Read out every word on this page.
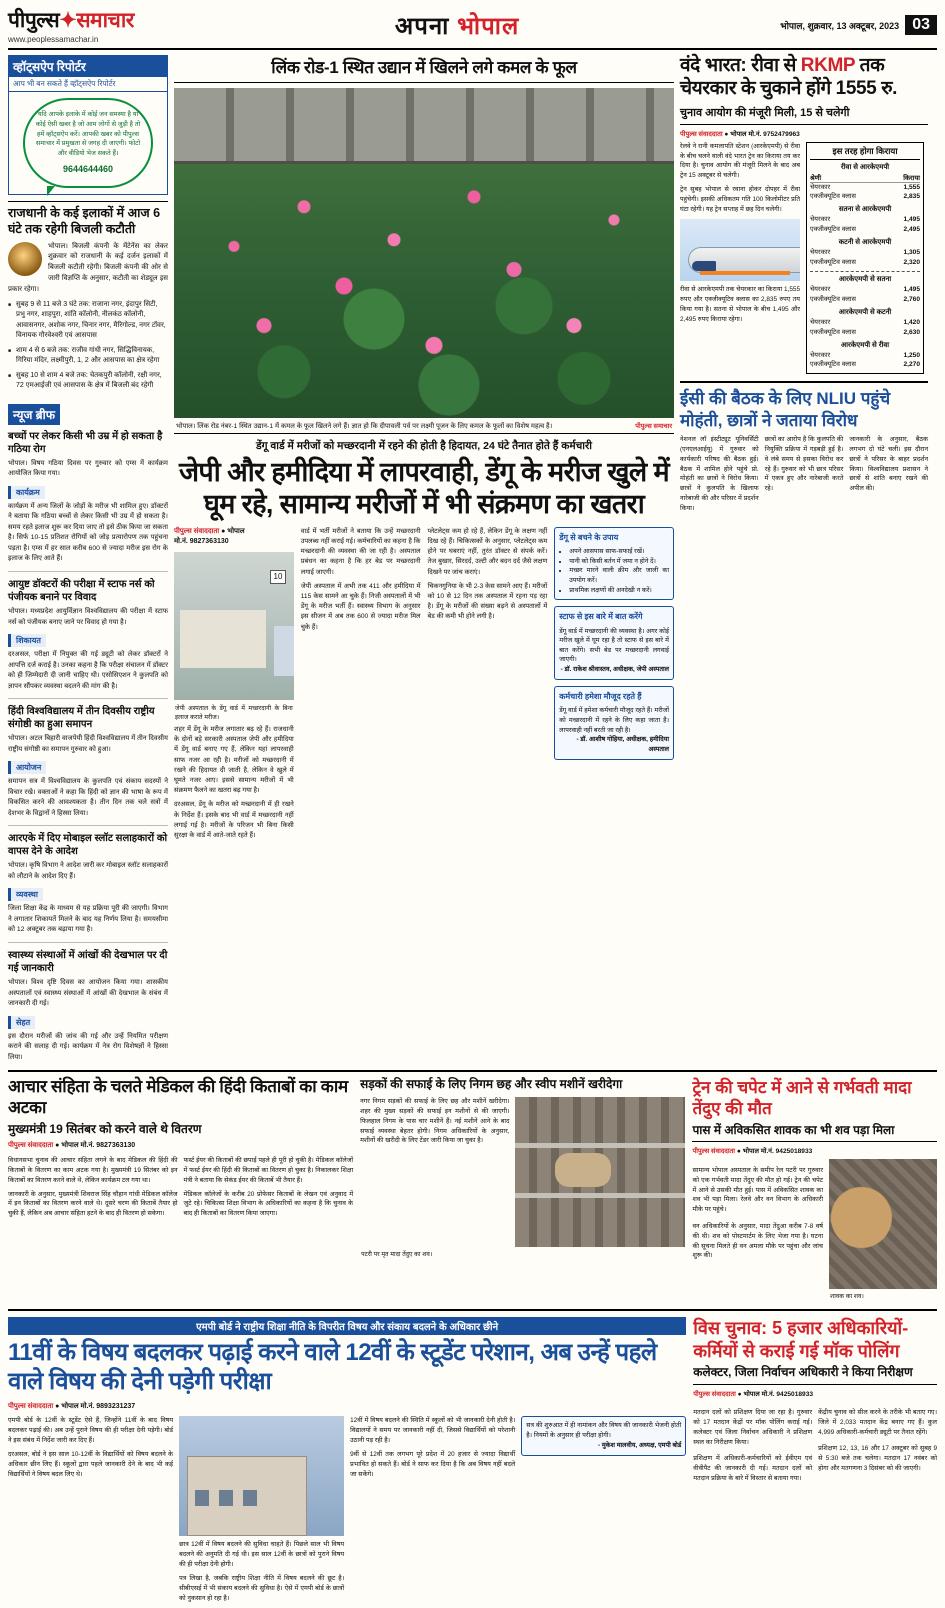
पीपुल्स✦समाचार
www.peoplessamachar.in	अपना भोपाल	भोपाल, शुक्रवार, 13 अक्टूबर, 2023 03
व्हॉट्सऐप रिपोर्टर
आप भी बन सकते हैं व्हॉट्सऐप रिपोर्टर
यदि आपके इलाके में कोई जन समस्या है या कोई ऐसी खबर है जो आम लोगों से जुड़ी है तो हमें व्हॉट्सऐप करें। आपकी खबर को पीपुल्स समाचार में प्रमुखता से जगह दी जाएगी। फोटो और वीडियो भेज सकते हैं।
9644644460
राजधानी के कई इलाकों में आज 6 घंटे तक रहेगी बिजली कटौती

भोपाल। बिजली कंपनी के मेंटेनेंस का लेकर शुक्रवार को राजधानी के कई दर्जन इलाकों में बिजली कटौती रहेगी। बिजली कंपनी की ओर से जारी विज्ञप्ति के अनुसार, कटौती का शेड्यूल इस प्रकार रहेगा।

■ सुबह 9 से 11 बजे 3 घंटे तक: राजाना नगर, इंदापुर सिटी, प्रभु नगर, शाहपुरा, शांति कॉलोनी, नीलकंठ कॉलोनी, आवासनगर, अशोक नगर, चिनार नगर, मैरिगोल्ड, नगर टॉवर, विनायक गौरवेश्वरी एवं आसपास
■ शाम 4 से 6 बजे तक: राजीव गांधी नगर, सिद्धिविनायक, गिरिया मंदिर, लक्ष्मीपुरी, 1, 2 और आसपास का क्षेत्र रहेगा
■ सुबह 10 से शाम 4 बजे तक: चेतकपुरी कॉलोनी, रक्षी नगर, 72 एमआईजी एवं आसपास के क्षेत्र में बिजली बंद रहेगी
न्यूज ब्रीफ
बच्चों पर लेकर किसी भी उम्र में हो सकता है गठिया रोग
भोपाल। विषय गठिया दिवस पर गुरुवार को एम्स में कार्यक्रम आयोजित किया गया।
कार्यक्रम
कार्यक्रम में अन्य जिलों के जोड़ों के मरीज भी शामिल हुए। डॉक्टरों ने बताया कि गठिया बच्चों से लेकर किसी भी उम्र में हो सकता है। समय रहते इलाज शुरू कर दिया जाए तो इसे ठीक किया जा सकता है। सिर्फ 10-15 प्रतिशत रोगियों को जोड़ प्रत्यारोपण तक पहुंचना पड़ता है। एम्स में हर साल करीब 600 से ज्यादा मरीज इस रोग के इलाज के लिए आते हैं।
आयुष्ट डॉक्टरों की परीक्षा में स्टाफ नर्स को पंजीयक बनाने पर विवाद
भोपाल। मध्यप्रदेश आयुर्विज्ञान विश्वविद्यालय की परीक्षा में स्टाफ नर्स को पंजीयक बनाए जाने पर विवाद हो गया है।
शिकायत
दरअसल, परीक्षा में नियुक्त की गई ड्यूटी को लेकर डॉक्टरों ने आपत्ति दर्ज कराई है। उनका कहना है कि परीक्षा संचालन में डॉक्टर को ही जिम्मेदारी दी जानी चाहिए थी। एसोसिएशन ने कुलपति को ज्ञापन सौंपकर व्यवस्था बदलने की मांग की है।
हिंदी विश्वविद्यालय में तीन दिवसीय राष्ट्रीय संगोष्ठी का हुआ समापन
भोपाल। अटल बिहारी वाजपेयी हिंदी विश्वविद्यालय में तीन दिवसीय राष्ट्रीय संगोष्ठी का समापन गुरुवार को हुआ।
आयोजन
समापन सत्र में विश्वविद्यालय के कुलपति एवं संकाय सदस्यों ने विचार रखे। वक्ताओं ने कहा कि हिंदी को ज्ञान की भाषा के रूप में विकसित करने की आवश्यकता है। तीन दिन तक चले सत्रों में देशभर के विद्वानों ने हिस्सा लिया।
आरएके में दिए मोबाइल स्लॉट सलाहकारों को वापस देने के आदेश
भोपाल। कृषि विभाग ने आदेश जारी कर मोबाइल स्लॉट सलाहकारों को लौटाने के आदेश दिए हैं।
व्यवस्था
जिला शिक्षा केंद्र के माध्यम से यह प्रक्रिया पूरी की जाएगी। विभाग ने लगातार शिकायतें मिलने के बाद यह निर्णय लिया है। समयसीमा को 12 अक्टूबर तक बढ़ाया गया है।
स्वास्थ्य संस्थाओं में आंखों की देखभाल पर दी गई जानकारी
भोपाल। विश्व दृष्टि दिवस का आयोजन किया गया। शासकीय अस्पतालों एवं स्वास्थ्य संस्थाओं में आंखों की देखभाल के संबंध में जानकारी दी गई।
सेहत
इस दौरान मरीजों की जांच की गई और उन्हें नियमित परीक्षण कराने की सलाह दी गई। कार्यक्रम में नेत्र रोग विशेषज्ञों ने हिस्सा लिया।
लिंक रोड-1 स्थित उद्यान में खिलने लगे कमल के फूल
भोपाल। लिंक रोड नंबर-1 स्थित उद्यान-1 में कमल के फूल खिलने लगे हैं। ज्ञात हो कि दीपावली पर्व पर लक्ष्मी पूजन के लिए कमल के फूलों का विशेष महत्व है।	पीपुल्स समाचार
डेंगू वार्ड में मरीजों को मच्छरदानी में रहने की होती है हिदायत, 24 घंटे तैनात होते हैं कर्मचारी
जेपी और हमीदिया में लापरवाही, डेंगू के मरीज खुले में घूम रहे, सामान्य मरीजों में भी संक्रमण का खतरा
पीपुल्स संवाददाता ● भोपाल
मो.नं. 9827363130
10
जेपी अस्पताल के डेंगू वार्ड में मच्छरदानी के बिना इलाज कराते मरीज।

शहर में डेंगू के मरीज लगातार बढ़ रहे हैं। राजधानी के दोनों बड़े सरकारी अस्पताल जेपी और हमीदिया में डेंगू वार्ड बनाए गए हैं, लेकिन यहां लापरवाही साफ नजर आ रही है। मरीजों को मच्छरदानी में रखने की हिदायत दी जाती है, लेकिन वे खुले में घूमते नजर आए। इससे सामान्य मरीजों में भी संक्रमण फैलने का खतरा बढ़ गया है।

दरअसल, डेंगू के मरीज को मच्छरदानी में ही रखने के निर्देश हैं। इसके बाद भी वार्ड में मच्छरदानी नहीं लगाई गई है। मरीजों के परिजन भी बिना किसी सुरक्षा के वार्ड में आते-जाते रहते हैं।

वार्ड में भर्ती मरीजों ने बताया कि उन्हें मच्छरदानी उपलब्ध नहीं कराई गई। कर्मचारियों का कहना है कि मच्छरदानी की व्यवस्था की जा रही है। अस्पताल प्रबंधन का कहना है कि हर बेड पर मच्छरदानी लगाई जाएगी।

जेपी अस्पताल में अभी तक 411 और हमीदिया में 115 केस सामने आ चुके हैं। निजी अस्पतालों में भी डेंगू के मरीज भर्ती हैं। स्वास्थ्य विभाग के अनुसार इस सीजन में अब तक 600 से ज्यादा मरीज मिल चुके हैं।

प्लेटलेट्स कम हो रहे हैं, लेकिन डेंगू के लक्षण नहीं दिख रहे हैं। चिकित्सकों के अनुसार, प्लेटलेट्स कम होने पर घबराएं नहीं, तुरंत डॉक्टर से संपर्क करें। तेज बुखार, सिरदर्द, उल्टी और बदन दर्द जैसे लक्षण दिखने पर जांच कराएं।

चिकनगुनिया के भी 2-3 केस सामने आए हैं। मरीजों को 10 से 12 दिन तक अस्पताल में रहना पड़ रहा है। डेंगू के मरीजों की संख्या बढ़ने से अस्पतालों में बेड की कमी भी होने लगी है।

डेंगू से बचने के उपाय
• अपने आसपास साफ-सफाई रखें।
• पानी को किसी बर्तन में जमा न होने दें।
• मच्छर मारने वाली क्रीम और जाली का उपयोग करें।
• प्राथमिक लक्षणों की अनदेखी न करें।
स्टाफ से इस बारे में बात करेंगे
डेंगू वार्ड में मच्छरदानी की व्यवस्था है। अगर कोई मरीज खुले में घूम रहा है तो स्टाफ से इस बारे में बात करेंगे। सभी बेड पर मच्छरदानी लगवाई जाएगी।
- डॉ. राकेश श्रीवास्तव, अधीक्षक, जेपी अस्पताल
कर्मचारी हमेशा मौजूद रहते हैं
डेंगू वार्ड में हमेशा कर्मचारी मौजूद रहते हैं। मरीजों को मच्छरदानी में रहने के लिए कहा जाता है। लापरवाही नहीं बरती जा रही है।
- डॉ. आशीष गोहिया, अधीक्षक, हमीदिया अस्पताल
वंदे भारत: रीवा से RKMP तक चेयरकार के चुकाने होंगे 1555 रु.
चुनाव आयोग की मंजूरी मिली, 15 से चलेगी
पीपुल्स संवाददाता ● भोपाल मो.नं. 9752479963
रेलवे ने रानी कमलापति स्टेशन (आरकेएमपी) से रीवा के बीच चलने वाली वंदे भारत ट्रेन का किराया तय कर दिया है। चुनाव आयोग की मंजूरी मिलने के बाद अब ट्रेन 15 अक्टूबर से चलेगी।
ट्रेन सुबह भोपाल से रवाना होकर दोपहर में रीवा पहुंचेगी। इसकी अधिकतम गति 100 किलोमीटर प्रति घंटा रहेगी। यह ट्रेन सप्ताह में छह दिन चलेगी।
रीवा से आरकेएमपी तक चेयरकार का किराया 1,555 रुपए और एक्जीक्यूटिव क्लास का 2,835 रुपए तय किया गया है। सतना से भोपाल के बीच 1,495 और 2,495 रुपए किराया रहेगा।
इस तरह होगा किराया
रीवा से आरकेएमपी
श्रेणी	किराया
चेयरकार	1,555
एक्जीक्यूटिव क्लास	2,835
सतना से आरकेएमपी
चेयरकार	1,495
एक्जीक्यूटिव क्लास	2,495
कटनी से आरकेएमपी
चेयरकार	1,305
एक्जीक्यूटिव क्लास	2,320
आरकेएमपी से सतना
चेयरकार	1,495
एक्जीक्यूटिव क्लास	2,760
आरकेएमपी से कटनी
चेयरकार	1,420
एक्जीक्यूटिव क्लास	2,630
आरकेएमपी से रीवा
चेयरकार	1,250
एक्जीक्यूटिव क्लास	2,270
ईसी की बैठक के लिए NLIU पहुंचे मोहंती, छात्रों ने जताया विरोध
नेशनल लॉ इंस्टीट्यूट यूनिवर्सिटी (एनएलआईयू) में गुरुवार को कार्यकारी परिषद की बैठक हुई। बैठक में शामिल होने पहुंचे प्रो. मोहंती का छात्रों ने विरोध किया। छात्रों ने कुलपति के खिलाफ नारेबाजी की और परिसर में प्रदर्शन किया।
छात्रों का आरोप है कि कुलपति की नियुक्ति प्रक्रिया में गड़बड़ी हुई है। वे लंबे समय से इसका विरोध कर रहे हैं। गुरुवार को भी छात्र परिसर में एकत्र हुए और नारेबाजी करते रहे।
जानकारी के अनुसार, बैठक लगभग दो घंटे चली। इस दौरान छात्रों ने परिसर के बाहर प्रदर्शन किया। विश्वविद्यालय प्रशासन ने छात्रों से शांति बनाए रखने की अपील की।
आचार संहिता के चलते मेडिकल की हिंदी किताबों का काम अटका
मुख्यमंत्री 19 सितंबर को करने वाले थे वितरण
पीपुल्स संवाददाता ● भोपाल मो.नं. 9827363130

विधानसभा चुनाव की आचार संहिता लगने के बाद मेडिकल की हिंदी की किताबों के वितरण का काम अटक गया है। मुख्यमंत्री 19 सितंबर को इन किताबों का वितरण करने वाले थे, लेकिन कार्यक्रम टल गया था।

जानकारी के अनुसार, मुख्यमंत्री शिवराज सिंह चौहान गांधी मेडिकल कॉलेज में इन किताबों का वितरण करने वाले थे। दूसरे चरण की किताबें तैयार हो चुकी हैं, लेकिन अब आचार संहिता हटने के बाद ही वितरण हो सकेगा।

फर्स्ट ईयर की किताबों की छपाई पहले ही पूरी हो चुकी है। मेडिकल कॉलेजों में फर्स्ट ईयर की हिंदी की किताबों का वितरण हो चुका है। निकालकर शिक्षा मंत्री ने बताया कि सेकंड ईयर की किताबें भी तैयार हैं।

मेडिकल कॉलेजों के करीब 20 प्रोफेसर किताबों के लेखन एवं अनुवाद में जुटे रहे। चिकित्सा शिक्षा विभाग के अधिकारियों का कहना है कि चुनाव के बाद ही किताबों का वितरण किया जाएगा।

सड़कों की सफाई के लिए निगम छह और स्वीप मशीनें खरीदेगा
नगर निगम सड़कों की सफाई के लिए छह और मशीनें खरीदेगा। शहर की मुख्य सड़कों की सफाई इन मशीनों से की जाएगी। फिलहाल निगम के पास चार मशीनें हैं। नई मशीनें आने के बाद सफाई व्यवस्था बेहतर होगी। निगम अधिकारियों के अनुसार, मशीनों की खरीदी के लिए टेंडर जारी किया जा चुका है।
पटरी पर मृत मादा तेंदुए का शव।
ट्रेन की चपेट में आने से गर्भवती मादा तेंदुए की मौत
पास में अविकसित शावक का भी शव पड़ा मिला
पीपुल्स संवाददाता ● भोपाल मो.नं. 9425018933

सामान्य भोपाल अस्पताल के समीप रेल पटरी पर गुरुवार को एक गर्भवती मादा तेंदुए की मौत हो गई। ट्रेन की चपेट में आने से उसकी मौत हुई। पास में अविकसित शावक का शव भी पड़ा मिला। रेलवे और वन विभाग के अधिकारी मौके पर पहुंचे।

वन अधिकारियों के अनुसार, मादा तेंदुआ करीब 7-8 वर्ष की थी। शव को पोस्टमार्टम के लिए भेजा गया है। घटना की सूचना मिलते ही वन अमला मौके पर पहुंचा और जांच शुरू की।

शावक का शव।
एमपी बोर्ड ने राष्ट्रीय शिक्षा नीति के विपरीत विषय और संकाय बदलने के अधिकार छीने
11वीं के विषय बदलकर पढ़ाई करने वाले 12वीं के स्टूडेंट परेशान, अब उन्हें पहले वाले विषय की देनी पड़ेगी परीक्षा
पीपुल्स संवाददाता ● भोपाल मो.नं. 9893231237

एमपी बोर्ड के 12वीं के स्टूडेंट ऐसे हैं, जिन्होंने 11वीं के बाद विषय बदलकर पढ़ाई की। अब उन्हें पुराने विषय की ही परीक्षा देनी पड़ेगी। बोर्ड ने इस संबंध में निर्देश जारी कर दिए हैं।

दरअसल, बोर्ड ने इस साल 10-12वीं के विद्यार्थियों को विषय बदलने के अधिकार छीन लिए हैं। स्कूलों द्वारा पहले जानकारी देने के बाद भी कई विद्यार्थियों ने विषय बदल लिए थे।

छात्र 12वीं में विषय बदलने की सुविधा चाहते हैं। पिछले साल भी विषय बदलने की अनुमति दी गई थी। इस साल 12वीं के छात्रों को पुराने विषय की ही परीक्षा देनी होगी।

पत्र लिखा है, जबकि राष्ट्रीय शिक्षा नीति में विषय बदलने की छूट है। सीबीएसई में भी संकाय बदलने की सुविधा है। ऐसे में एमपी बोर्ड के छात्रों को नुकसान हो रहा है।

12वीं में विषय बदलने की स्थिति में स्कूलों को भी जानकारी देनी होती है। विद्यालयों ने समय पर जानकारी नहीं दी, जिससे विद्यार्थियों को परेशानी उठानी पड़ रही है।

9वीं से 12वीं तक लगभग पूरे प्रदेश में 20 हजार से ज्यादा विद्यार्थी प्रभावित हो सकते हैं। बोर्ड ने साफ कर दिया है कि अब विषय नहीं बदले जा सकेंगे।

सत्र की शुरुआत में ही नामांकन और विषय की जानकारी भेजनी होती है। नियमों के अनुसार ही परीक्षा होगी।
- मुकेश मालवीय, अध्यक्ष, एमपी बोर्ड
विस चुनाव: 5 हजार अधिकारियों-कर्मियों से कराई गई मॉक पोलिंग
कलेक्टर, जिला निर्वाचन अधिकारी ने किया निरीक्षण
पीपुल्स संवाददाता ● भोपाल मो.नं. 9425018933

मतदान दलों को प्रशिक्षण दिया जा रहा है। गुरुवार को 17 मतदान केंद्रों पर मॉक पोलिंग कराई गई। कलेक्टर एवं जिला निर्वाचन अधिकारी ने प्रशिक्षण स्थल का निरीक्षण किया।

प्रशिक्षण में अधिकारी-कर्मचारियों को ईवीएम एवं वीवीपैट की जानकारी दी गई। मतदान दलों को मतदान प्रक्रिया के बारे में विस्तार से बताया गया।

केंद्रीय चुनाव को सील करने के तरीके भी बताए गए। जिले में 2,033 मतदान केंद्र बनाए गए हैं। कुल 4,999 अधिकारी-कर्मचारी ड्यूटी पर तैनात रहेंगे।

प्रशिक्षण 12, 13, 16 और 17 अक्टूबर को सुबह 9 से 5:30 बजे तक चलेगा। मतदान 17 नवंबर को होगा और मतगणना 3 दिसंबर को की जाएगी।
